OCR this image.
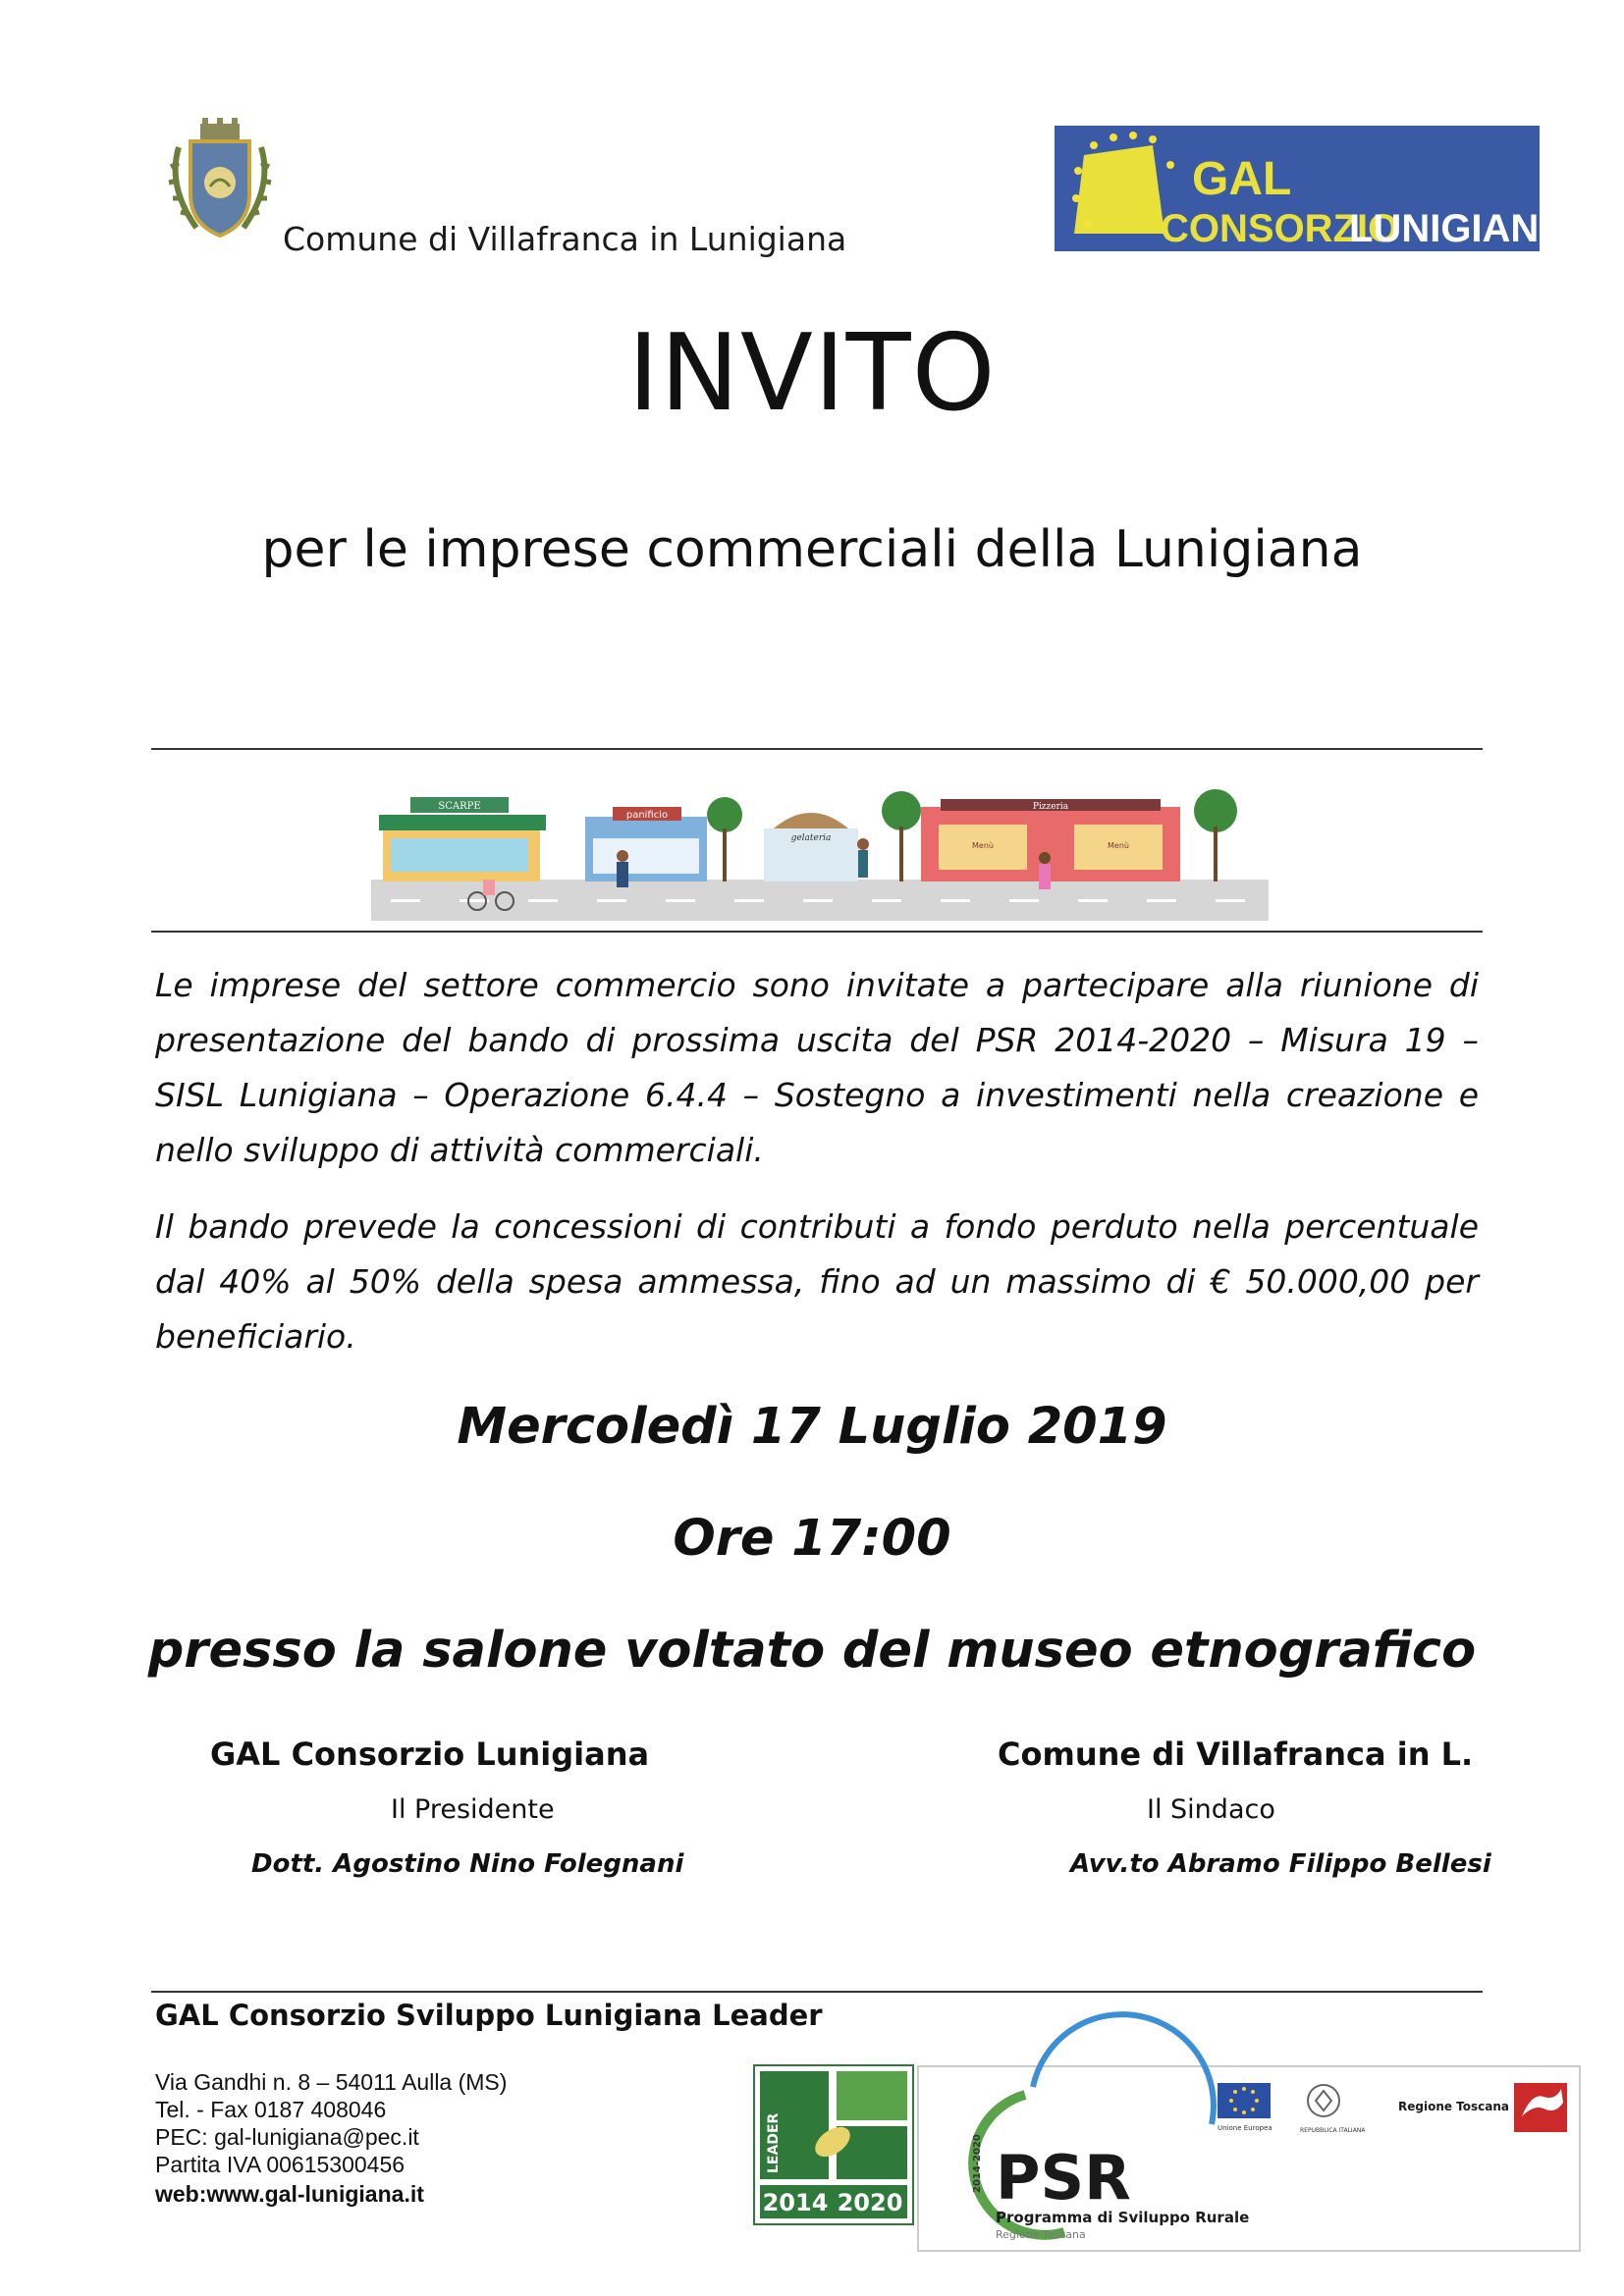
Comune di Villafranca in Lunigiana
GAL
CONSORZIO
LUNIGIANA
INVITO
per le imprese commerciali della Lunigiana
SCARPE
panificio
gelateria
Pizzeria
Menù	Menù
Le imprese del settore commercio sono invitate a partecipare alla riunione di presentazione del bando di prossima uscita del PSR 2014-2020 – Misura 19 – SISL Lunigiana – Operazione 6.4.4 – Sostegno a investimenti nella creazione e nello sviluppo di attività commerciali.
Il bando prevede la concessioni di contributi a fondo perduto nella percentuale dal 40% al 50% della spesa ammessa, fino ad un massimo di € 50.000,00 per beneficiario.
Mercoledì 17 Luglio 2019
Ore 17:00
presso la salone voltato del museo etnografico
GAL Consorzio Lunigiana
Il Presidente
Dott. Agostino Nino Folegnani
Comune di Villafranca in L.
Il Sindaco
Avv.to Abramo Filippo Bellesi
GAL Consorzio Sviluppo Lunigiana Leader
Via Gandhi n. 8 – 54011 Aulla (MS)
Tel. - Fax 0187 408046
PEC: gal-lunigiana@pec.it
Partita IVA 00615300456
web:www.gal-lunigiana.it
LEADER
2014 2020
2014-2020 PSR
Programma di Sviluppo Rurale
Regione Toscana
Unione Europea	REPUBBLICA ITALIANA
Regione Toscana
